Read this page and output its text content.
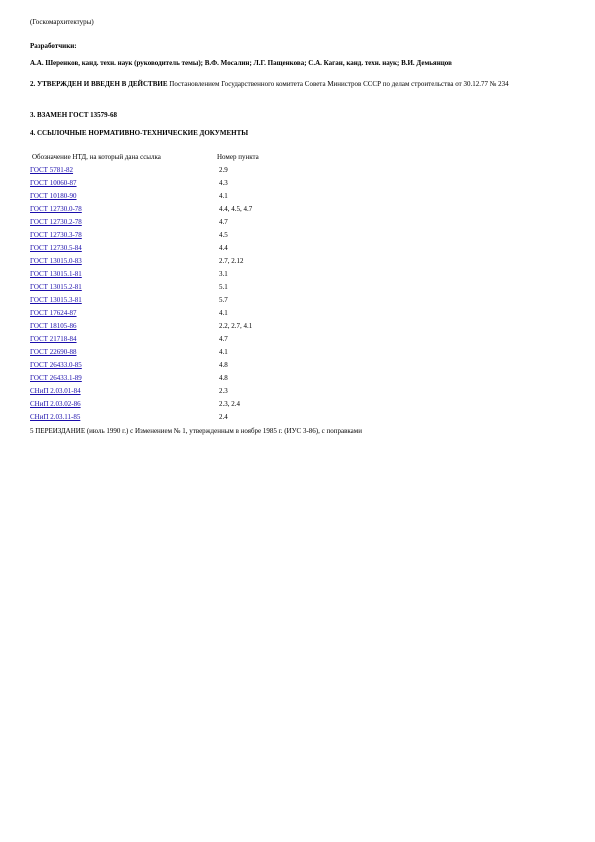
(Госкомархитектуры)
Разработчики:
А.А. Шеренков, канд. техн. наук (руководитель темы); В.Ф. Мосалин; Л.Г. Пащенкова; С.А. Каган, канд. техн. наук; В.И. Демьянцов
2. УТВЕРЖДЕН И ВВЕДЕН В ДЕЙСТВИЕ Постановлением Государственного комитета Совета Министров СССР по делам строительства от 30.12.77 № 234
3. ВЗАМЕН ГОСТ 13579-68
4. ССЫЛОЧНЫЕ НОРМАТИВНО-ТЕХНИЧЕСКИЕ ДОКУМЕНТЫ
Обозначение НТД, на который дана ссылка	Номер пункта
ГОСТ 5781-82	2.9
ГОСТ 10060-87	4.3
ГОСТ 10180-90	4.1
ГОСТ 12730.0-78	4.4, 4.5, 4.7
ГОСТ 12730.2-78	4.7
ГОСТ 12730.3-78	4.5
ГОСТ 12730.5-84	4.4
ГОСТ 13015.0-83	2.7, 2.12
ГОСТ 13015.1-81	3.1
ГОСТ 13015.2-81	5.1
ГОСТ 13015.3-81	5.7
ГОСТ 17624-87	4.1
ГОСТ 18105-86	2.2, 2.7, 4.1
ГОСТ 21718-84	4.7
ГОСТ 22690-88	4.1
ГОСТ 26433.0-85	4.8
ГОСТ 26433.1-89	4.8
СНиП 2.03.01-84	2.3
СНиП 2.03.02-86	2.3, 2.4
СНиП 2.03.11-85	2.4
5 ПЕРЕИЗДАНИЕ (июль 1990 г.) с Изменением № 1, утвержденным в ноябре 1985 г. (ИУС 3-86), с поправками
